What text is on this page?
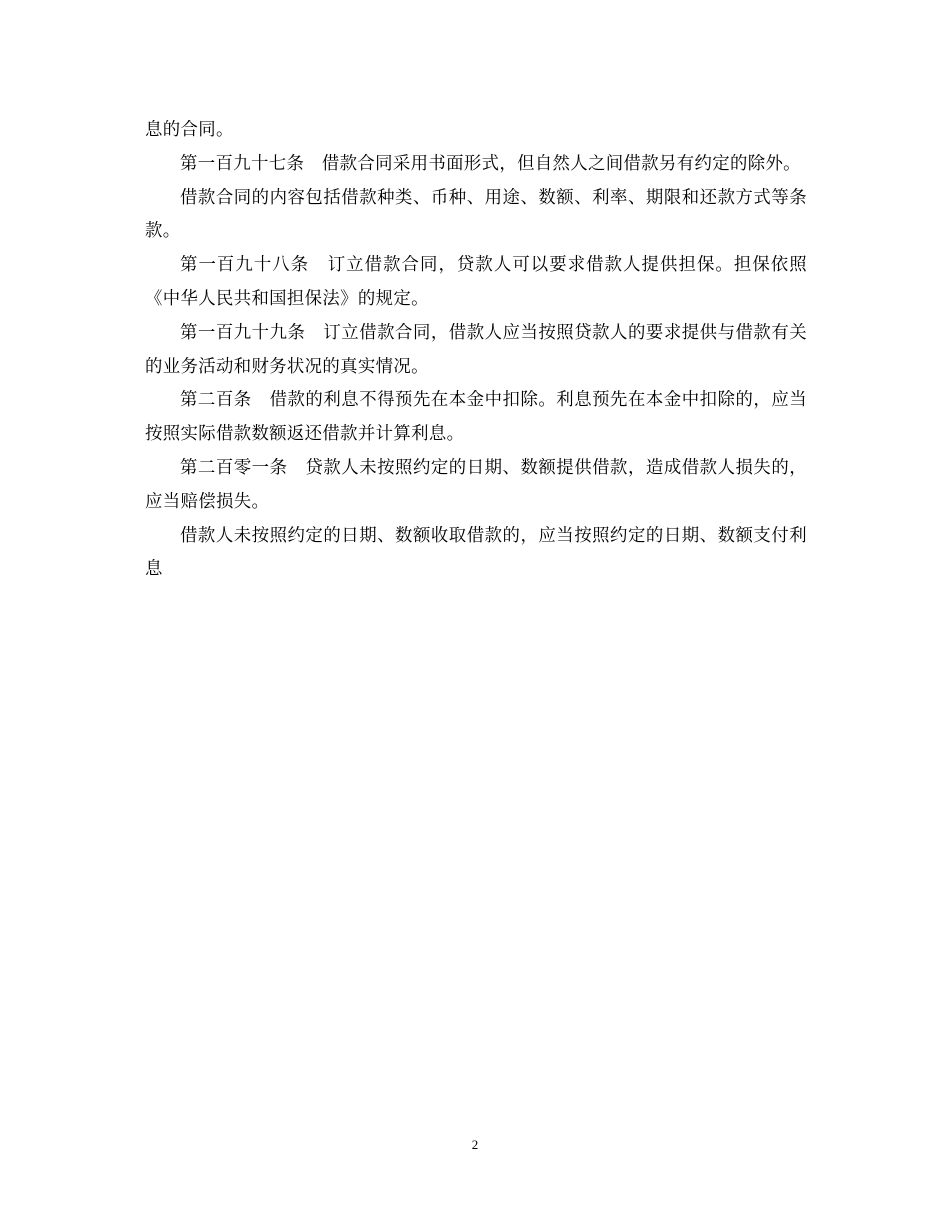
息的合同。

第一百九十七条　借款合同采用书面形式，但自然人之间借款另有约定的除外。

借款合同的内容包括借款种类、币种、用途、数额、利率、期限和还款方式等条款。

第一百九十八条　订立借款合同，贷款人可以要求借款人提供担保。担保依照《中华人民共和国担保法》的规定。

第一百九十九条　订立借款合同，借款人应当按照贷款人的要求提供与借款有关的业务活动和财务状况的真实情况。

第二百条　借款的利息不得预先在本金中扣除。利息预先在本金中扣除的，应当按照实际借款数额返还借款并计算利息。

第二百零一条　贷款人未按照约定的日期、数额提供借款，造成借款人损失的，应当赔偿损失。

借款人未按照约定的日期、数额收取借款的，应当按照约定的日期、数额支付利息

2
